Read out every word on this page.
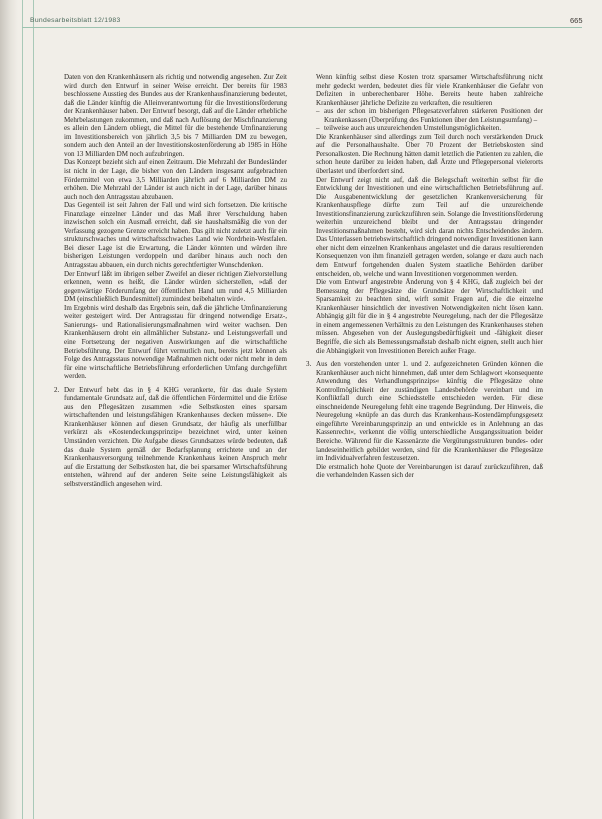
Bundesarbeitsblatt 12/1983	665

Daten von den Krankenhäusern als richtig und notwendig angesehen. Zur Zeit wird durch den Entwurf in seiner Weise erreicht. Der bereits für 1983 beschlossene Ausstieg des Bundes aus der Krankenhausfinanzierung bedeutet, daß die Länder künftig die Alleinverantwortung für die Investitionsförderung der Krankenhäuser haben. Der Entwurf besorgt, daß auf die Länder erhebliche Mehrbelastungen zukommen, und daß nach Auflösung der Mischfinanzierung es allein den Ländern obliegt, die Mittel für die bestehende Umfinanzierung im Investitionsbereich von jährlich 3,5 bis 7 Milliarden DM zu bewegen, sondern auch den Anteil an der Investitionskostenförderung ab 1985 in Höhe von 13 Milliarden DM noch aufzubringen.

Das Konzept bezieht sich auf einen Zeitraum. Die Mehrzahl der Bundesländer ist nicht in der Lage, die bisher von den Ländern insgesamt aufgebrachten Fördermittel von etwa 3,5 Milliarden jährlich auf 6 Milliarden DM zu erhöhen. Die Mehrzahl der Länder ist auch nicht in der Lage, darüber hinaus auch noch den Antragsstau abzubauen.

Das Gegenteil ist seit Jahren der Fall und wird sich fortsetzen. Die kritische Finanzlage einzelner Länder und das Maß ihrer Verschuldung haben inzwischen solch ein Ausmaß erreicht, daß sie haushaltsmäßig die von der Verfassung gezogene Grenze erreicht haben. Das gilt nicht zuletzt auch für ein strukturschwaches und wirtschaftsschwaches Land wie Nordrhein-Westfalen. Bei dieser Lage ist die Erwartung, die Länder könnten und würden ihre bisherigen Leistungen verdoppeln und darüber hinaus auch noch den Antragsstau abbauen, ein durch nichts gerechtfertigter Wunschdenken.

Der Entwurf läßt im übrigen selber Zweifel an dieser richtigen Zielvorstellung erkennen, wenn es heißt, die Länder würden sicherstellen, »daß der gegenwärtige Förderumfang der öffentlichen Hand um rund 4,5 Milliarden DM (einschließlich Bundesmittel) zumindest beibehalten wird«.

Im Ergebnis wird deshalb das Ergebnis sein, daß die jährliche Umfinanzierung weiter gesteigert wird. Der Antragsstau für dringend notwendige Ersatz-, Sanierungs- und Rationalisierungsmaßnahmen wird weiter wachsen. Den Krankenhäusern droht ein allmählicher Substanz- und Leistungsverfall und eine Fortsetzung der negativen Auswirkungen auf die wirtschaftliche Betriebsführung. Der Entwurf führt vermutlich nun, bereits jetzt können als Folge des Antragsstaus notwendige Maßnahmen nicht oder nicht mehr in dem für eine wirtschaftliche Betriebsführung erforderlichen Umfang durchgeführt werden.

2. Der Entwurf hebt das in § 4 KHG verankerte, für das duale System fundamentale Grundsatz auf, daß die öffentlichen Fördermittel und die Erlöse aus den Pflegesätzen zusammen »die Selbstkosten eines sparsam wirtschaftenden und leistungsfähigen Krankenhauses decken müssen«. Die Krankenhäuser können auf diesen Grundsatz, der häufig als unerfüllbar verkürzt als »Kostendeckungsprinzip« bezeichnet wird, unter keinen Umständen verzichten. Die Aufgabe dieses Grundsatzes würde bedeuten, daß das duale System gemäß der Bedarfsplanung errichtete und an der Krankenhausversorgung teilnehmende Krankenhaus keinen Anspruch mehr auf die Erstattung der Selbstkosten hat, die bei sparsamer Wirtschaftsführung entstehen, während auf der anderen Seite seine Leistungsfähigkeit als selbstverständlich angesehen wird.

Wenn künftig selbst diese Kosten trotz sparsamer Wirtschaftsführung nicht mehr gedeckt werden, bedeutet dies für viele Krankenhäuser die Gefahr von Defiziten in unberechenbarer Höhe. Bereits heute haben zahlreiche Krankenhäuser jährliche Defizite zu verkraften, die resultieren

– aus der schon im bisherigen Pflegesatzverfahren stärkeren Positionen der Krankenkassen (Überprüfung des Funktionen über den Leistungsumfang) –
– teilweise auch aus unzureichenden Umstellungsmöglichkeiten.

Die Krankenhäuser sind allerdings zum Teil durch noch verstärkenden Druck auf die Personalhaushalte. Über 70 Prozent der Betriebskosten sind Personalkosten. Die Rechnung hätten damit letztlich die Patienten zu zahlen, die schon heute darüber zu leiden haben, daß Ärzte und Pflegepersonal vielerorts überlastet und überfordert sind.

Der Entwurf zeigt nicht auf, daß die Belegschaft weiterhin selbst für die Entwicklung der Investitionen und eine wirtschaftlichen Betriebsführung auf. Die Ausgabenentwicklung der gesetzlichen Krankenversicherung für Krankenhauspflege dürfte zum Teil auf die unzureichende Investitionsfinanzierung zurückzuführen sein. Solange die Investitionsförderung weiterhin unzureichend bleibt und der Antragsstau dringender Investitionsmaßnahmen besteht, wird sich daran nichts Entscheidendes ändern. Das Unterlassen betriebswirtschaftlich dringend notwendiger Investitionen kann eher nicht dem einzelnen Krankenhaus angelastet und die daraus resultierenden Konsequenzen von ihm finanziell getragen werden, solange er dazu auch nach dem Entwurf fortgehenden dualen System staatliche Behörden darüber entscheiden, ob, welche und wann Investitionen vorgenommen werden.

Die vom Entwurf angestrebte Änderung von § 4 KHG, daß zugleich bei der Bemessung der Pflegesätze die Grundsätze der Wirtschaftlichkeit und Sparsamkeit zu beachten sind, wirft somit Fragen auf, die die einzelne Krankenhäuser hinsichtlich der investiven Notwendigkeiten nicht lösen kann. Abhängig gilt für die in § 4 angestrebte Neuregelung, nach der die Pflegesätze in einem angemessenen Verhältnis zu den Leistungen des Krankenhauses stehen müssen. Abgesehen von der Auslegungsbedürftigkeit und -fähigkeit dieser Begriffe, die sich als Bemessungsmaßstab deshalb nicht eignen, stellt auch hier die Abhängigkeit von Investitionen Bereich außer Frage.

3. Aus den vorstehenden unter 1. und 2. aufgezeichneten Gründen können die Krankenhäuser auch nicht hinnehmen, daß unter dem Schlagwort »konsequente Anwendung des Verhandlungsprinzips« künftig die Pflegesätze ohne Kontrollmöglichkeit der zuständigen Landesbehörde vereinbart und im Konfliktfall durch eine Schiedsstelle entschieden werden. Für diese einschneidende Neuregelung fehlt eine tragende Begründung. Der Hinweis, die Neuregelung »knüpfe an das durch das Krankenhaus-Kostendämpfungsgesetz eingeführte Vereinbarungsprinzip an und entwickle es in Anlehnung an das Kassenrecht«, verkennt die völlig unterschiedliche Ausgangssituation beider Bereiche. Während für die Kassenärzte die Vergütungsstrukturen bundes- oder landeseinheitlich gebildet werden, sind für die Krankenhäuser die Pflegesätze im Individualverfahren festzusetzen.

Die erstmalich hohe Quote der Vereinbarungen ist darauf zurückzuführen, daß die verhandelnden Kassen sich der
